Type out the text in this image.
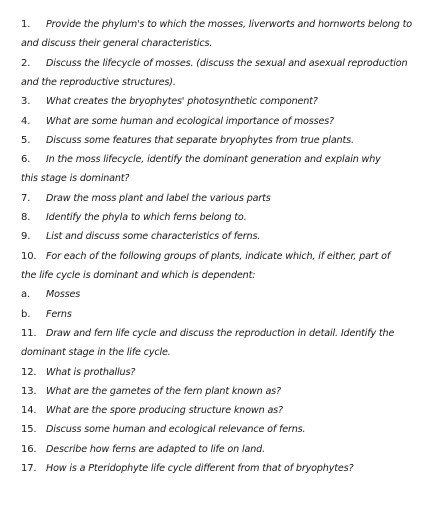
1. Provide the phylum's to which the mosses, liverworts and hornworts belong to
and discuss their general characteristics.
2. Discuss the lifecycle of mosses. (discuss the sexual and asexual reproduction
and the reproductive structures).
3. What creates the bryophytes' photosynthetic component?
4. What are some human and ecological importance of mosses?
5. Discuss some features that separate bryophytes from true plants.
6. In the moss lifecycle, identify the dominant generation and explain why
this stage is dominant?
7. Draw the moss plant and label the various parts
8. Identify the phyla to which ferns belong to.
9. List and discuss some characteristics of ferns.
10. For each of the following groups of plants, indicate which, if either, part of
the life cycle is dominant and which is dependent:
a. Mosses
b. Ferns
11. Draw and fern life cycle and discuss the reproduction in detail. Identify the
dominant stage in the life cycle.
12. What is prothallus?
13. What are the gametes of the fern plant known as?
14. What are the spore producing structure known as?
15. Discuss some human and ecological relevance of ferns.
16. Describe how ferns are adapted to life on land.
17. How is a Pteridophyte life cycle different from that of bryophytes?
